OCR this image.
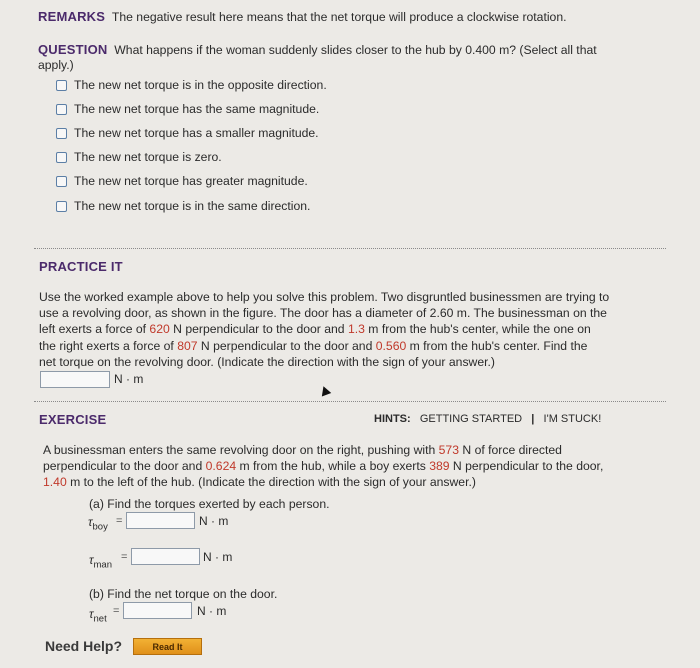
REMARKS The negative result here means that the net torque will produce a clockwise rotation.
QUESTION What happens if the woman suddenly slides closer to the hub by 0.400 m? (Select all that
apply.)
The new net torque is in the opposite direction.
The new net torque has the same magnitude.
The new net torque has a smaller magnitude.
The new net torque is zero.
The new net torque has greater magnitude.
The new net torque is in the same direction.
PRACTICE IT
Use the worked example above to help you solve this problem. Two disgruntled businessmen are trying to
use a revolving door, as shown in the figure. The door has a diameter of 2.60 m. The businessman on the
left exerts a force of 620 N perpendicular to the door and 1.3 m from the hub's center, while the one on
the right exerts a force of 807 N perpendicular to the door and 0.560 m from the hub's center. Find the
net torque on the revolving door. (Indicate the direction with the sign of your answer.)
N · m
EXERCISE	HINTS: GETTING STARTED | I'M STUCK!
A businessman enters the same revolving door on the right, pushing with 573 N of force directed
perpendicular to the door and 0.624 m from the hub, while a boy exerts 389 N perpendicular to the door,
1.40 m to the left of the hub. (Indicate the direction with the sign of your answer.)
(a) Find the torques exerted by each person.
$\tau_{boy}$ =	N · m
$\tau_{man}$
=	N · m
(b) Find the net torque on the door.
$\tau_{net}$
=	N · m
Need Help?	Read It
